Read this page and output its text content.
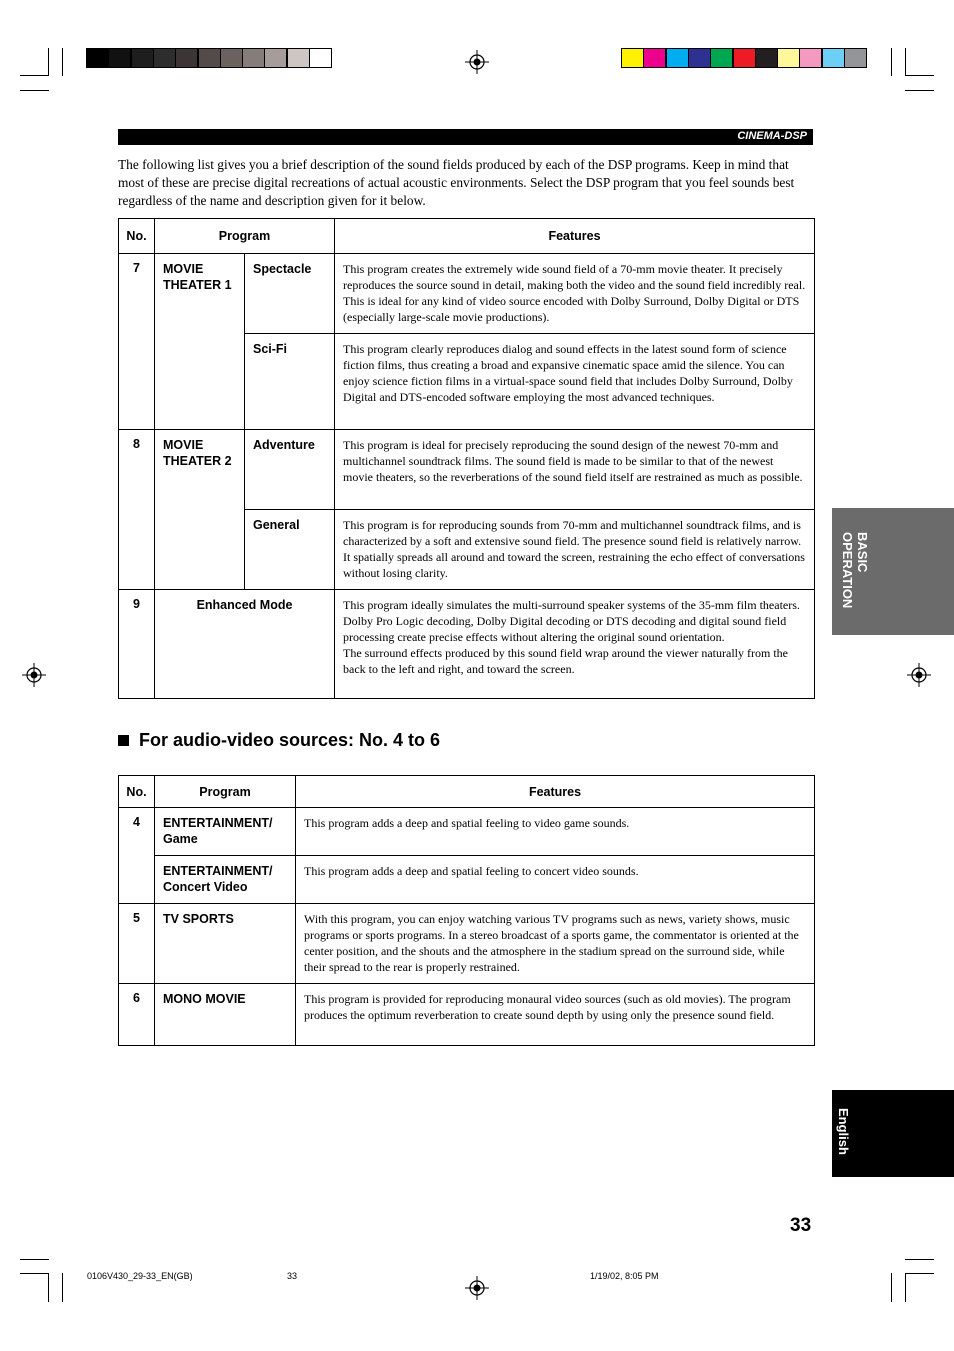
CINEMA-DSP
The following list gives you a brief description of the sound fields produced by each of the DSP programs. Keep in mind that most of these are precise digital recreations of actual acoustic environments. Select the DSP program that you feel sounds best regardless of the name and description given for it below.
No.	Program		Features
7	MOVIE THEATER 1	Spectacle	This program creates the extremely wide sound field of a 70-mm movie theater. It precisely reproduces the source sound in detail, making both the video and the sound field incredibly real. This is ideal for any kind of video source encoded with Dolby Surround, Dolby Digital or DTS (especially large-scale movie productions).
		Sci-Fi	This program clearly reproduces dialog and sound effects in the latest sound form of science fiction films, thus creating a broad and expansive cinematic space amid the silence. You can enjoy science fiction films in a virtual-space sound field that includes Dolby Surround, Dolby Digital and DTS-encoded software employing the most advanced techniques.
8	MOVIE THEATER 2	Adventure	This program is ideal for precisely reproducing the sound design of the newest 70-mm and multichannel soundtrack films. The sound field is made to be similar to that of the newest movie theaters, so the reverberations of the sound field itself are restrained as much as possible.
		General	This program is for reproducing sounds from 70-mm and multichannel soundtrack films, and is characterized by a soft and extensive sound field. The presence sound field is relatively narrow. It spatially spreads all around and toward the screen, restraining the echo effect of conversations without losing clarity.
9	Enhanced Mode		This program ideally simulates the multi-surround speaker systems of the 35-mm film theaters. Dolby Pro Logic decoding, Dolby Digital decoding or DTS decoding and digital sound field processing create precise effects without altering the original sound orientation.
The surround effects produced by this sound field wrap around the viewer naturally from the back to the left and right, and toward the screen.
For audio-video sources: No. 4 to 6
No.	Program	Features
4	ENTERTAINMENT/ Game	This program adds a deep and spatial feeling to video game sounds.
	ENTERTAINMENT/ Concert Video	This program adds a deep and spatial feeling to concert video sounds.
5	TV SPORTS	With this program, you can enjoy watching various TV programs such as news, variety shows, music programs or sports programs. In a stereo broadcast of a sports game, the commentator is oriented at the center position, and the shouts and the atmosphere in the stadium spread on the surround side, while their spread to the rear is properly restrained.
6	MONO MOVIE	This program is provided for reproducing monaural video sources (such as old movies). The program produces the optimum reverberation to create sound depth by using only the presence sound field.
BASIC OPERATION
English
33
0106V430_29-33_EN(GB)	33	1/19/02, 8:05 PM
